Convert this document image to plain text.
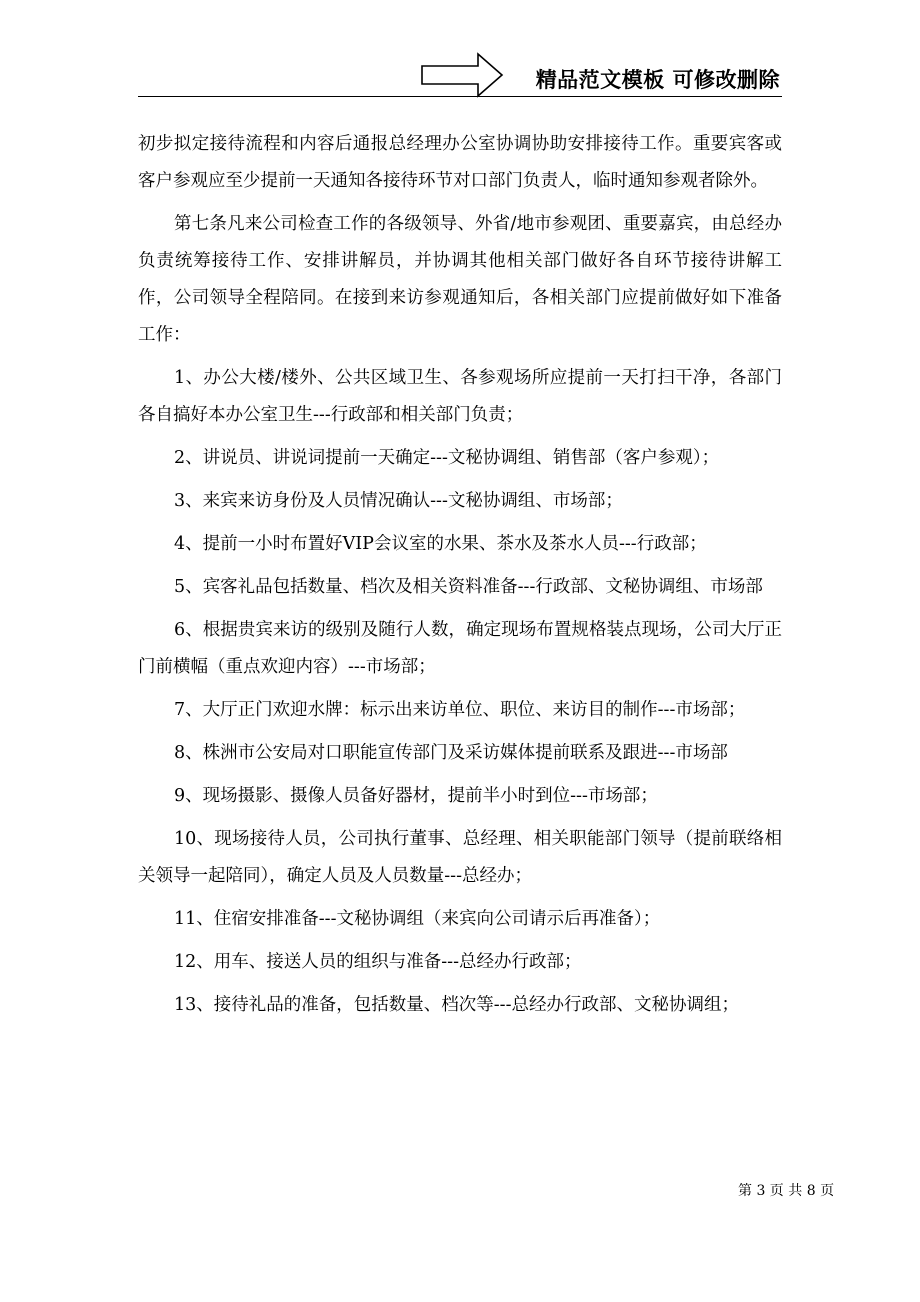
精品范文模板 可修改删除

初步拟定接待流程和内容后通报总经理办公室协调协助安排接待工作。重要宾客或客户参观应至少提前一天通知各接待环节对口部门负责人，临时通知参观者除外。

第七条凡来公司检查工作的各级领导、外省/地市参观团、重要嘉宾，由总经办负责统筹接待工作、安排讲解员，并协调其他相关部门做好各自环节接待讲解工作，公司领导全程陪同。在接到来访参观通知后，各相关部门应提前做好如下准备工作：

1、办公大楼/楼外、公共区域卫生、各参观场所应提前一天打扫干净，各部门各自搞好本办公室卫生---行政部和相关部门负责；

2、讲说员、讲说词提前一天确定---文秘协调组、销售部（客户参观）；

3、来宾来访身份及人员情况确认---文秘协调组、市场部；

4、提前一小时布置好VIP会议室的水果、茶水及茶水人员---行政部；

5、宾客礼品包括数量、档次及相关资料准备---行政部、文秘协调组、市场部

6、根据贵宾来访的级别及随行人数，确定现场布置规格装点现场，公司大厅正门前横幅（重点欢迎内容）---市场部；

7、大厅正门欢迎水牌：标示出来访单位、职位、来访目的制作---市场部；

8、株洲市公安局对口职能宣传部门及采访媒体提前联系及跟进---市场部

9、现场摄影、摄像人员备好器材，提前半小时到位---市场部；

10、现场接待人员，公司执行董事、总经理、相关职能部门领导（提前联络相关领导一起陪同），确定人员及人员数量---总经办；

11、住宿安排准备---文秘协调组（来宾向公司请示后再准备）；

12、用车、接送人员的组织与准备---总经办行政部；

13、接待礼品的准备，包括数量、档次等---总经办行政部、文秘协调组；

第 3 页 共 8 页
